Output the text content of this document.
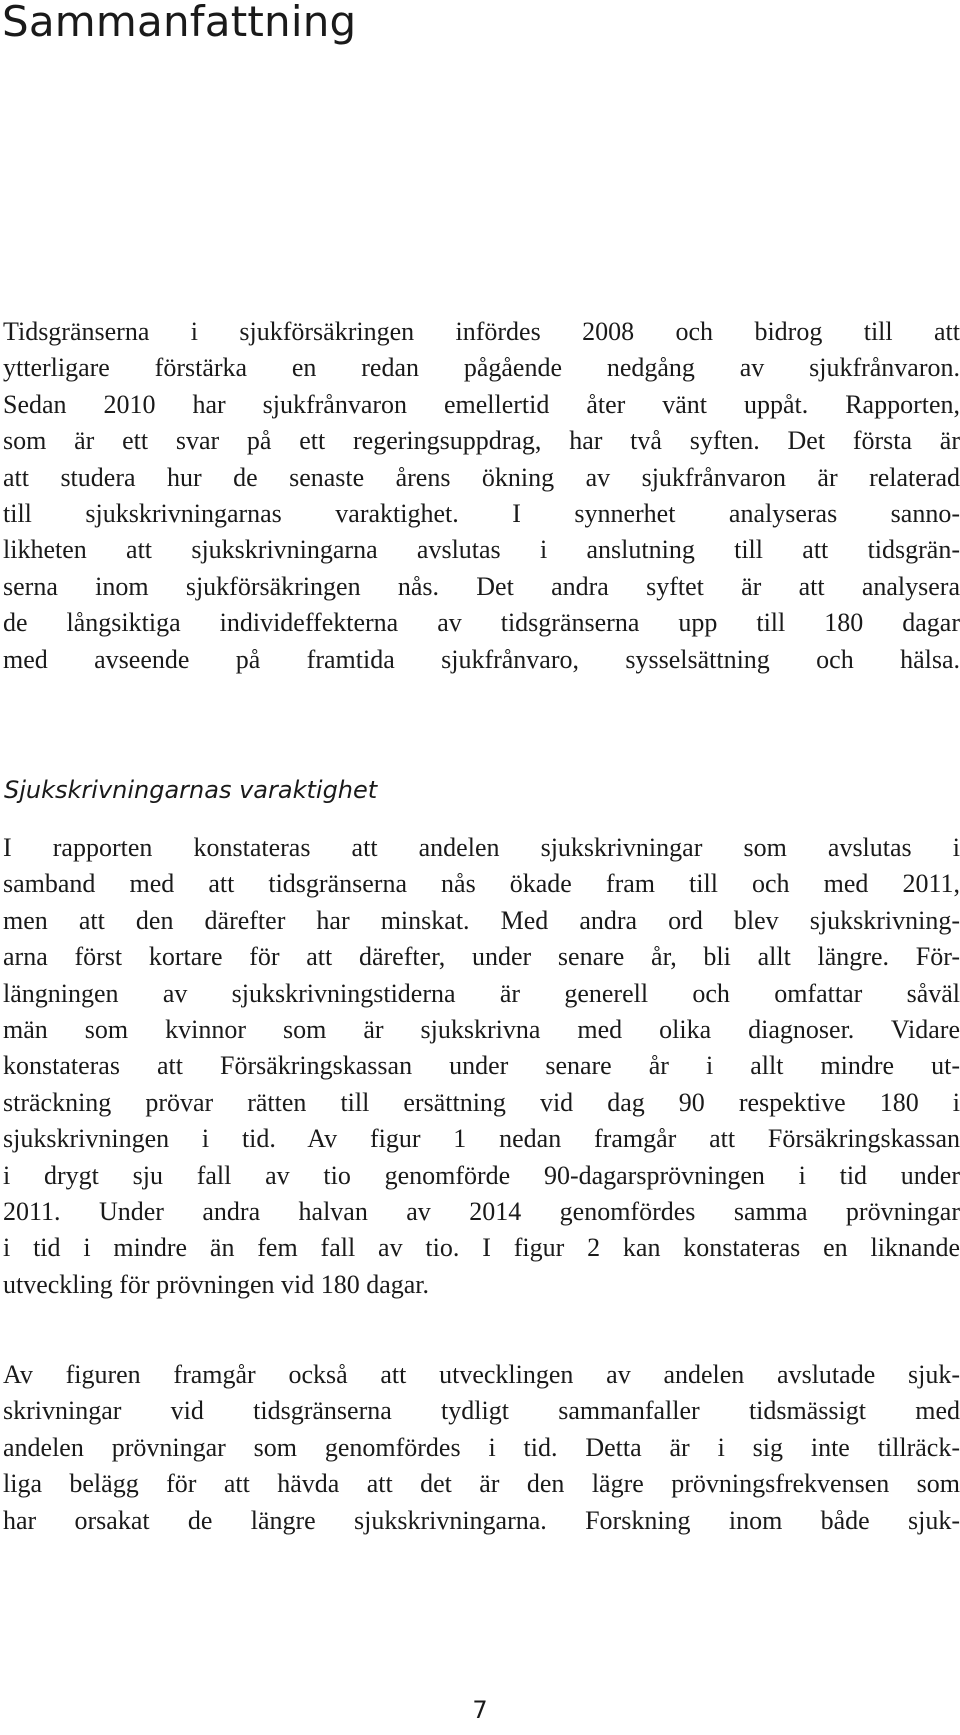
Sammanfattning

Tidsgränserna i sjukförsäkringen infördes 2008 och bidrog till att
ytterligare förstärka en redan pågående nedgång av sjukfrånvaron.
Sedan 2010 har sjukfrånvaron emellertid åter vänt uppåt. Rapporten,
som är ett svar på ett regeringsuppdrag, har två syften. Det första är
att studera hur de senaste årens ökning av sjukfrånvaron är relaterad
till sjukskrivningarnas varaktighet. I synnerhet analyseras sanno-
likheten att sjukskrivningarna avslutas i anslutning till att tidsgrän-
serna inom sjukförsäkringen nås. Det andra syftet är att analysera
de långsiktiga individeffekterna av tidsgränserna upp till 180 dagar
med avseende på framtida sjukfrånvaro, sysselsättning och hälsa.

Sjukskrivningarnas varaktighet

I rapporten konstateras att andelen sjukskrivningar som avslutas i
samband med att tidsgränserna nås ökade fram till och med 2011,
men att den därefter har minskat. Med andra ord blev sjukskrivning-
arna först kortare för att därefter, under senare år, bli allt längre. För-
längningen av sjukskrivningstiderna är generell och omfattar såväl
män som kvinnor som är sjukskrivna med olika diagnoser. Vidare
konstateras att Försäkringskassan under senare år i allt mindre ut-
sträckning prövar rätten till ersättning vid dag 90 respektive 180 i
sjukskrivningen i tid. Av figur 1 nedan framgår att Försäkringskassan
i drygt sju fall av tio genomförde 90-dagarsprövningen i tid under
2011. Under andra halvan av 2014 genomfördes samma prövningar
i tid i mindre än fem fall av tio. I figur 2 kan konstateras en liknande
utveckling för prövningen vid 180 dagar.

Av figuren framgår också att utvecklingen av andelen avslutade sjuk-
skrivningar vid tidsgränserna tydligt sammanfaller tidsmässigt med
andelen prövningar som genomfördes i tid. Detta är i sig inte tillräck-
liga belägg för att hävda att det är den lägre prövningsfrekvensen som
har orsakat de längre sjukskrivningarna. Forskning inom både sjuk-

7
